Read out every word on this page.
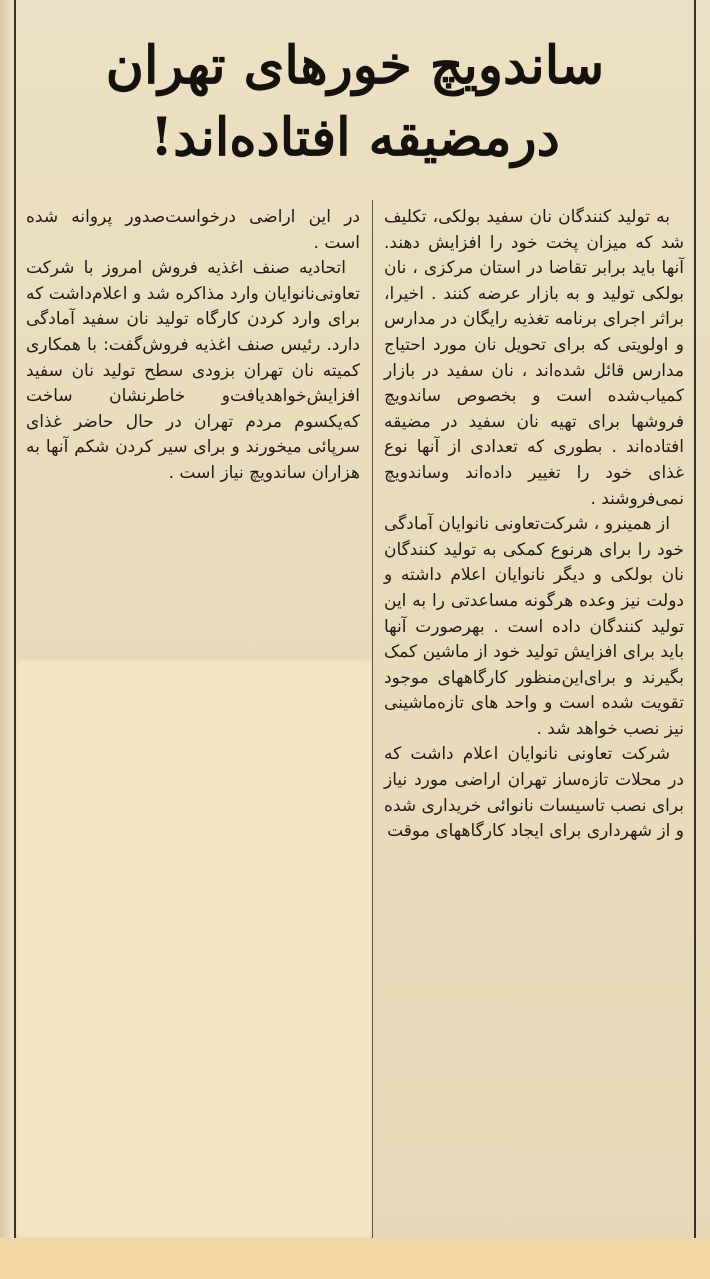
ساندویچ خورهای تهران
درمضیقه افتاده‌اند!

به تولید کنندگان نان سفید بولکی، تکلیف شد که میزان پخت خود را افزایش دهند. آنها باید برابر تقاضا در استان مرکزی ، نان بولکی تولید و به بازار عرضه کنند . اخیرا، براثر اجرای برنامه تغذیه رایگان در مدارس و اولویتی که برای تحویل نان مورد احتیاج مدارس قائل شده‌اند ، نان سفید در بازار کمیاب‌شده است و بخصوص ساندویچ فروشها برای تهیه نان سفید در مضیقه افتاده‌اند . بطوری که تعدادی از آنها نوع غذای خود را تغییر داده‌اند وساندویچ نمی‌فروشند .

از همینرو ، شرکت‌تعاونی نانوایان آمادگی خود را برای هرنوع کمکی به تولید کنندگان نان بولکی و دیگر نانوایان اعلام داشته و دولت نیز وعده هرگونه مساعدتی را به این تولید کنندگان داده است . بهرصورت آنها باید برای افزایش تولید خود از ماشین کمک بگیرند و برای‌این‌منظور کارگاههای موجود تقویت شده است و واحد های تازه‌ماشینی نیز نصب خواهد شد .

شرکت تعاونی نانوایان اعلام داشت که در محلات تازه‌ساز تهران اراضی مورد نیاز برای نصب تاسیسات نانوائی خریداری شده و از شهرداری برای ایجاد کارگاههای موقت

در این اراضی درخواست‌صدور پروانه شده است .

اتحادیه صنف اغذیه فروش امروز با شرکت تعاونی‌نانوایان وارد مذاکره شد و اعلام‌داشت که برای وارد کردن کارگاه تولید نان سفید آمادگی دارد. رئیس صنف اغذیه فروش‌گفت: با همکاری کمیته نان تهران بزودی سطح تولید نان سفید افزایش‌خواهدیافت‌و خاطرنشان ساخت که‌یکسوم مردم تهران در حال حاضر غذای سرپائی میخورند و برای سیر کردن شکم آنها به هزاران ساندویچ نیاز است .
